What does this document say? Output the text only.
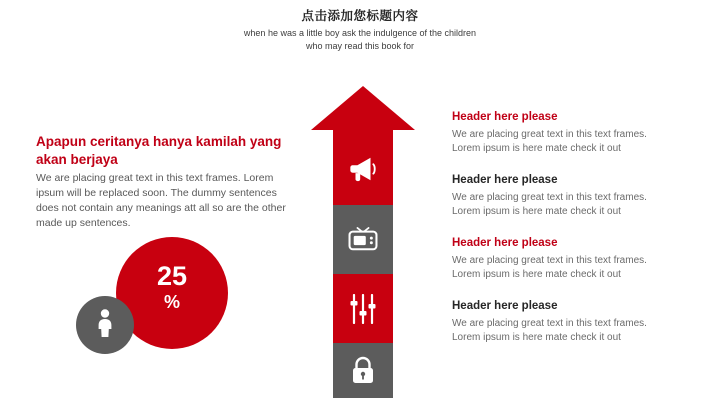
点击添加您标题内容
when he was a little boy ask the indulgence of the children
who may read this book for

Apapun ceritanya hanya kamilah yang akan berjaya

We are placing great text in this text frames. Lorem ipsum will be replaced soon. The dummy sentences does not contain any meanings att all so are the other made up sentences.

25
%
Header here please

We are placing great text in this text frames. Lorem ipsum is here mate check it out

Header here please

We are placing great text in this text frames. Lorem ipsum is here mate check it out

Header here please

We are placing great text in this text frames. Lorem ipsum is here mate check it out

Header here please

We are placing great text in this text frames. Lorem ipsum is here mate check it out
